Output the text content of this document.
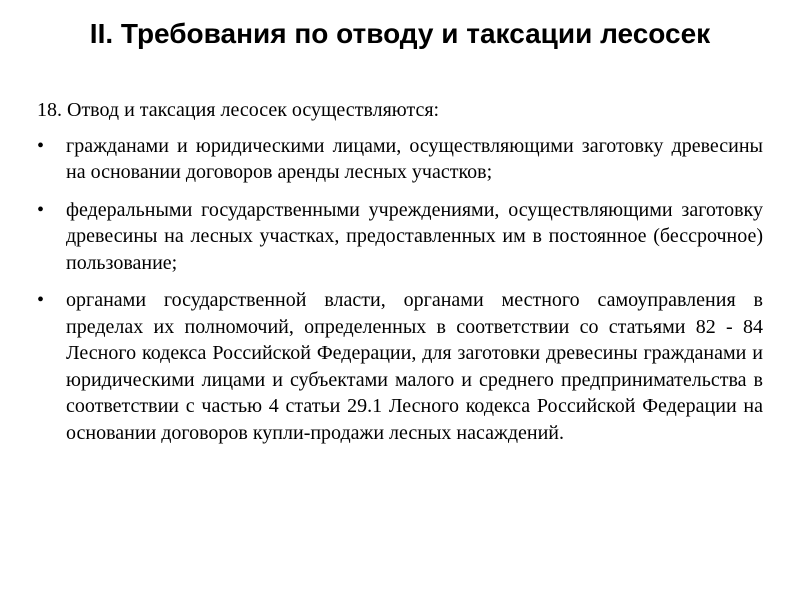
II. Требования по отводу и таксации лесосек

18. Отвод и таксация лесосек осуществляются:

• гражданами и юридическими лицами, осуществляющими заготовку древесины на основании договоров аренды лесных участков;
• федеральными государственными учреждениями, осуществляющими заготовку древесины на лесных участках, предоставленных им в постоянное (бессрочное) пользование;
• органами государственной власти, органами местного самоуправления в пределах их полномочий, определенных в соответствии со статьями 82 - 84 Лесного кодекса Российской Федерации, для заготовки древесины гражданами и юридическими лицами и субъектами малого и среднего предпринимательства в соответствии с частью 4 статьи 29.1 Лесного кодекса Российской Федерации на основании договоров купли-продажи лесных насаждений.
